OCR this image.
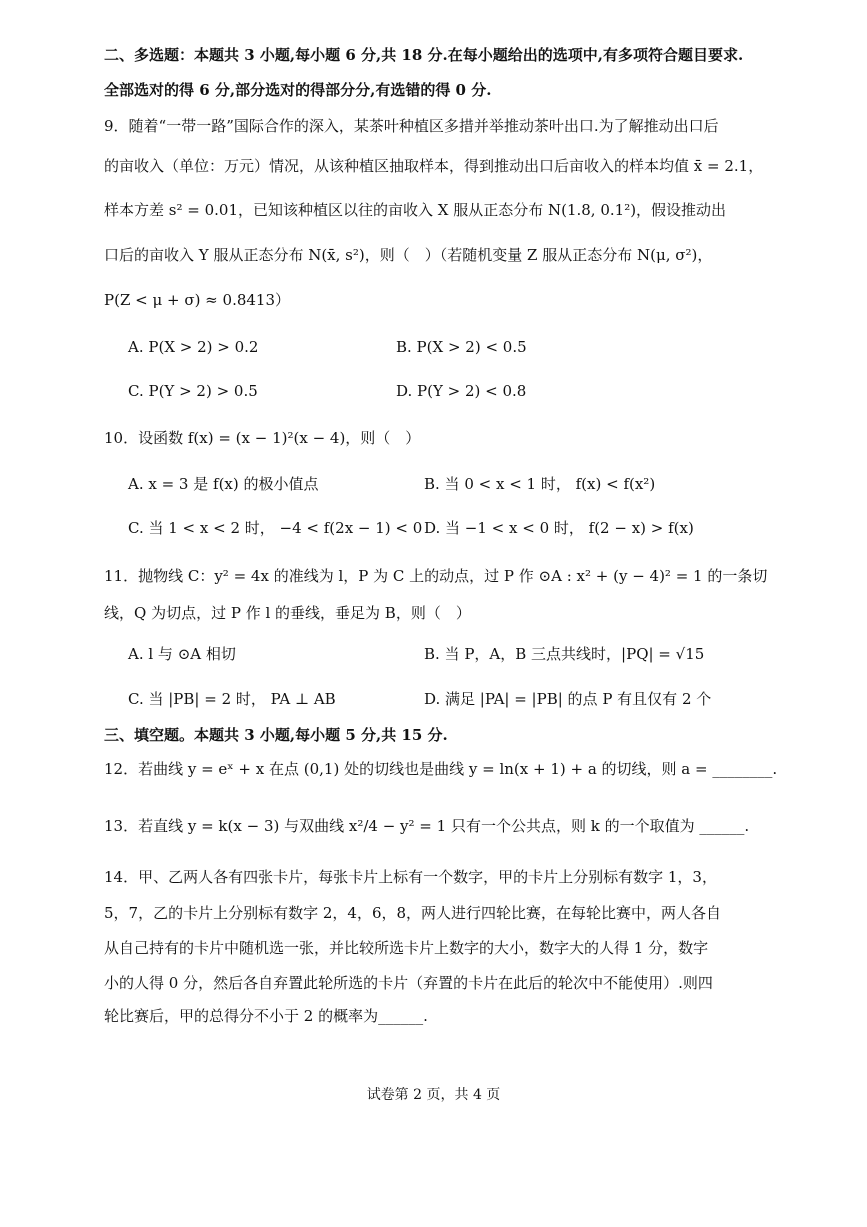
二、多选题：本题共 3 小题,每小题 6 分,共 18 分.在每小题给出的选项中,有多项符合题目要求.
全部选对的得 6 分,部分选对的得部分分,有选错的得 0 分.
9．随着“一带一路”国际合作的深入，某茶叶种植区多措并举推动茶叶出口.为了解推动出口后
的亩收入（单位：万元）情况，从该种植区抽取样本，得到推动出口后亩收入的样本均值 x̄ = 2.1，
样本方差 s² = 0.01，已知该种植区以往的亩收入 X 服从正态分布 N(1.8, 0.1²)，假设推动出
口后的亩收入 Y 服从正态分布 N(x̄, s²)，则（　）（若随机变量 Z 服从正态分布 N(μ, σ²)，
P(Z < μ + σ) ≈ 0.8413）
A. P(X > 2) > 0.2	B. P(X > 2) < 0.5
C. P(Y > 2) > 0.5	D. P(Y > 2) < 0.8
10．设函数 f(x) = (x − 1)²(x − 4)，则（　）
A. x = 3 是 f(x) 的极小值点	B. 当 0 < x < 1 时， f(x) < f(x²)
C. 当 1 < x < 2 时， −4 < f(2x − 1) < 0 D. 当 −1 < x < 0 时， f(2 − x) > f(x)
11．抛物线 C：y² = 4x 的准线为 l，P 为 C 上的动点，过 P 作 ⊙A : x² + (y − 4)² = 1 的一条切
线，Q 为切点，过 P 作 l 的垂线，垂足为 B，则（　）
A. l 与 ⊙A 相切	B. 当 P，A，B 三点共线时，|PQ| = √15
C. 当 |PB| = 2 时， PA ⊥ AB	D. 满足 |PA| = |PB| 的点 P 有且仅有 2 个
三、填空题。本题共 3 小题,每小题 5 分,共 15 分.
12．若曲线 y = eˣ + x 在点 (0,1) 处的切线也是曲线 y = ln(x + 1) + a 的切线，则 a = ________.
13．若直线 y = k(x − 3) 与双曲线 x²/4 − y² = 1 只有一个公共点，则 k 的一个取值为 ______.
14．甲、乙两人各有四张卡片，每张卡片上标有一个数字，甲的卡片上分别标有数字 1，3，
5，7，乙的卡片上分别标有数字 2，4，6，8，两人进行四轮比赛，在每轮比赛中，两人各自
从自己持有的卡片中随机选一张，并比较所选卡片上数字的大小，数字大的人得 1 分，数字
小的人得 0 分，然后各自弃置此轮所选的卡片（弃置的卡片在此后的轮次中不能使用）.则四
轮比赛后，甲的总得分不小于 2 的概率为______.
试卷第 2 页，共 4 页
